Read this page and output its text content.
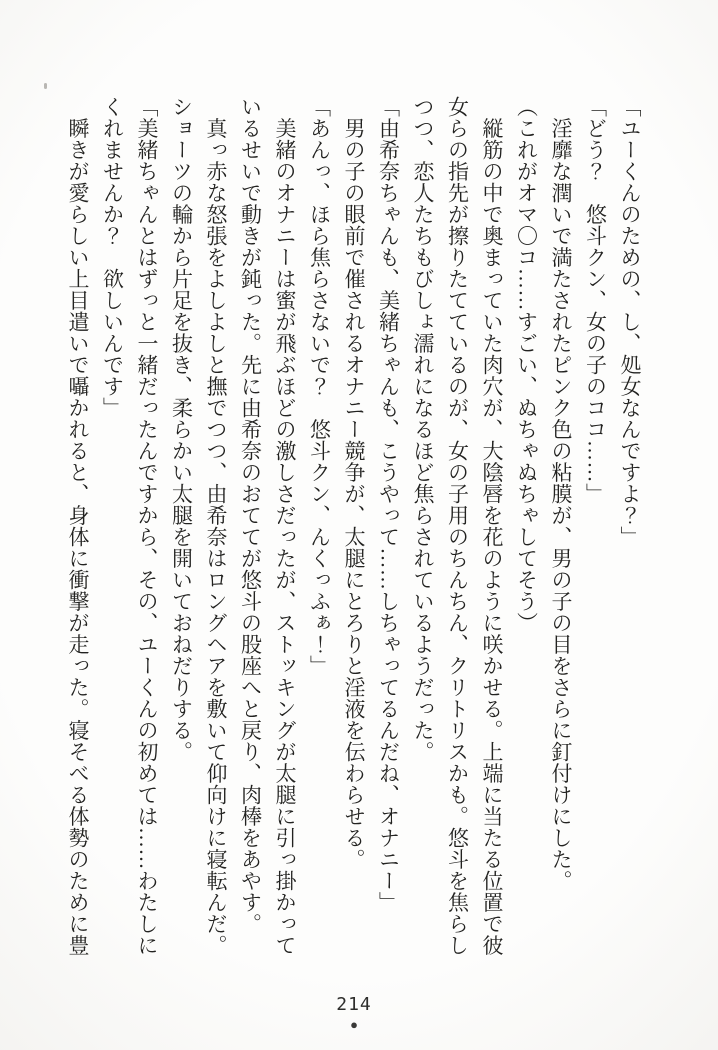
「ユーくんのための、し、処女なんですよ？」
「どう？　悠斗クン、女の子のココ……」
　淫靡な潤いで満たされたピンク色の粘膜が、男の子の目をさらに釘付けにした。
（これがオマ〇コ……すごい、ぬちゃぬちゃしてそう）
　縦筋の中で奥まっていた肉穴が、大陰唇を花のように咲かせる。上端に当たる位置で彼
女らの指先が擦りたてているのが、女の子用のちんちん、クリトリスかも。悠斗を焦らし
つつ、恋人たちもびしょ濡れになるほど焦らされているようだった。
「由希奈ちゃんも、美緒ちゃんも、こうやって……しちゃってるんだね、オナニー」
　男の子の眼前で催されるオナニー競争が、太腿にとろりと淫液を伝わらせる。
「あんっ、ほら焦らさないで？　悠斗クン、んくっふぁ！」
　美緒のオナニーは蜜が飛ぶほどの激しさだったが、ストッキングが太腿に引っ掛かって
いるせいで動きが鈍った。先に由希奈のおててが悠斗の股座へと戻り、肉棒をあやす。
　真っ赤な怒張をよしよしと撫でつつ、由希奈はロングヘアを敷いて仰向けに寝転んだ。
ショーツの輪から片足を抜き、柔らかい太腿を開いておねだりする。
「美緒ちゃんとはずっと一緒だったんですから、その、ユーくんの初めては……わたしに
くれませんか？　欲しいんです」
　瞬きが愛らしい上目遣いで囁かれると、身体に衝撃が走った。寝そべる体勢のために豊
214
●
